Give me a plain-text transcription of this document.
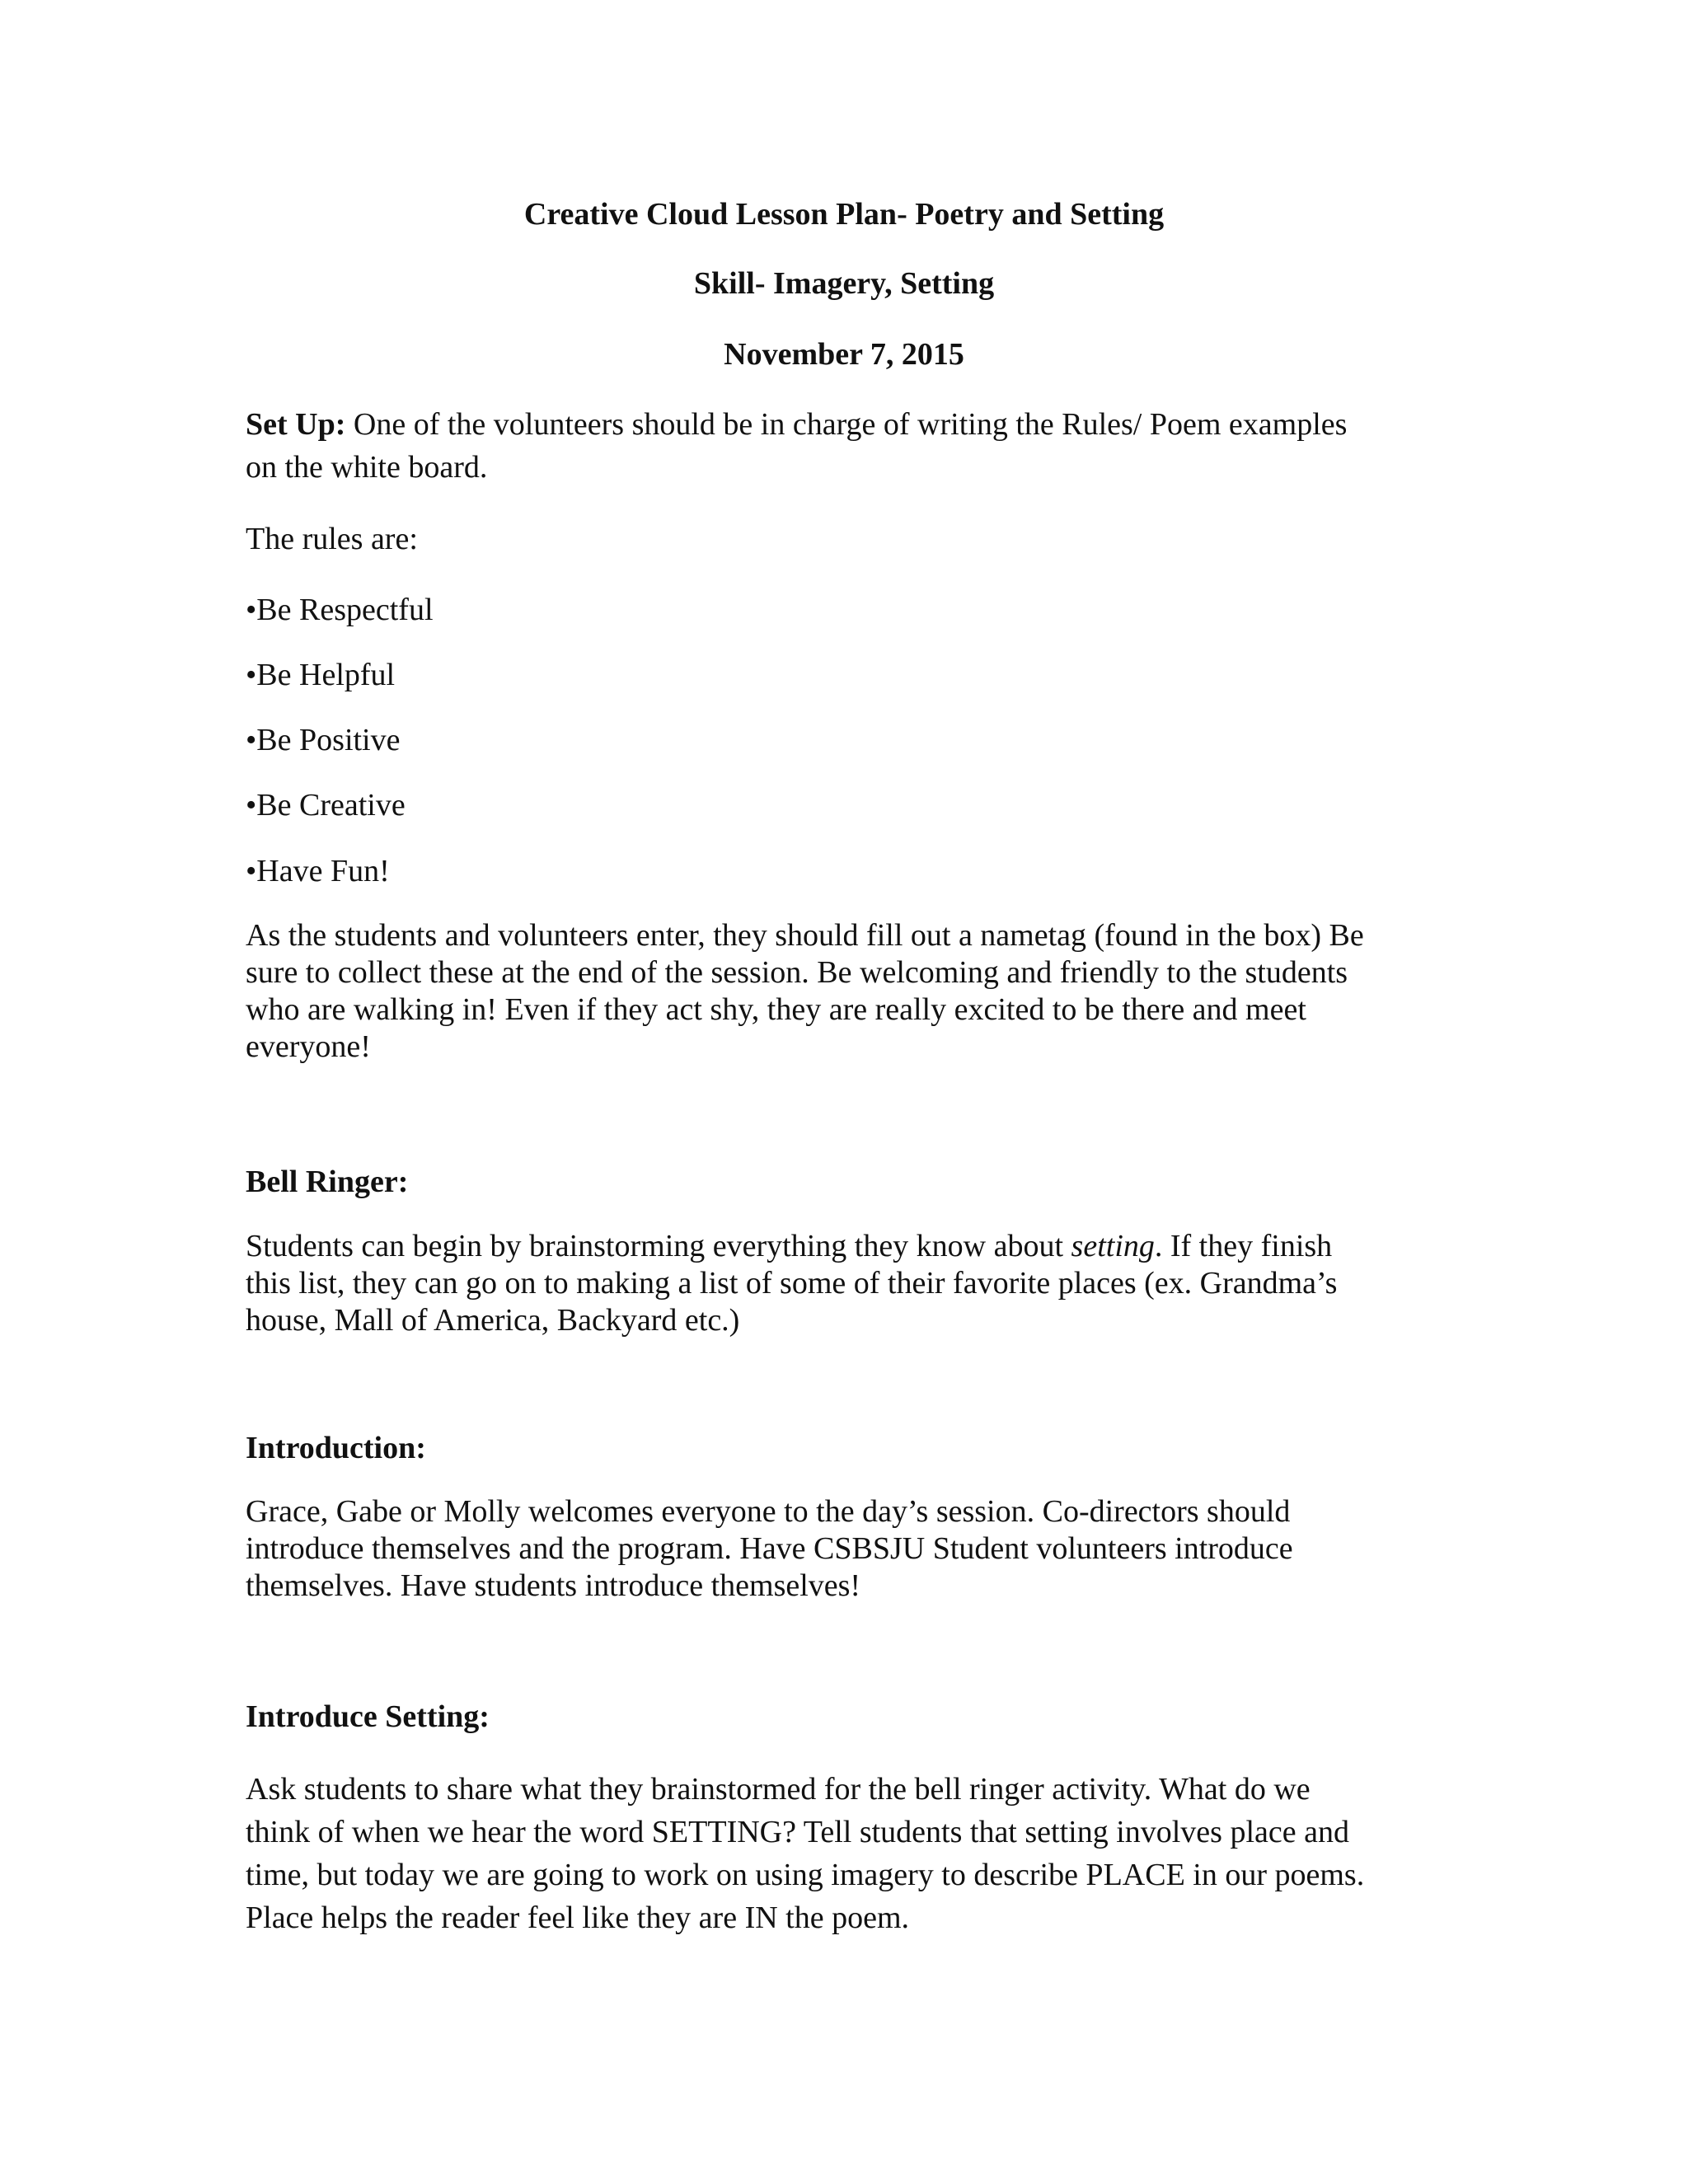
Creative Cloud Lesson Plan- Poetry and Setting
Skill- Imagery, Setting
November 7, 2015
Set Up: One of the volunteers should be in charge of writing the Rules/ Poem examples
on the white board.
The rules are:
•Be Respectful
•Be Helpful
•Be Positive
•Be Creative
•Have Fun!
As the students and volunteers enter, they should fill out a nametag (found in the box) Be
sure to collect these at the end of the session. Be welcoming and friendly to the students
who are walking in! Even if they act shy, they are really excited to be there and meet
everyone!
Bell Ringer:
Students can begin by brainstorming everything they know about setting. If they finish
this list, they can go on to making a list of some of their favorite places (ex. Grandma’s
house, Mall of America, Backyard etc.)
Introduction:
Grace, Gabe or Molly welcomes everyone to the day’s session. Co-directors should
introduce themselves and the program. Have CSBSJU Student volunteers introduce
themselves. Have students introduce themselves!
Introduce Setting:
Ask students to share what they brainstormed for the bell ringer activity. What do we
think of when we hear the word SETTING? Tell students that setting involves place and
time, but today we are going to work on using imagery to describe PLACE in our poems.
Place helps the reader feel like they are IN the poem.
